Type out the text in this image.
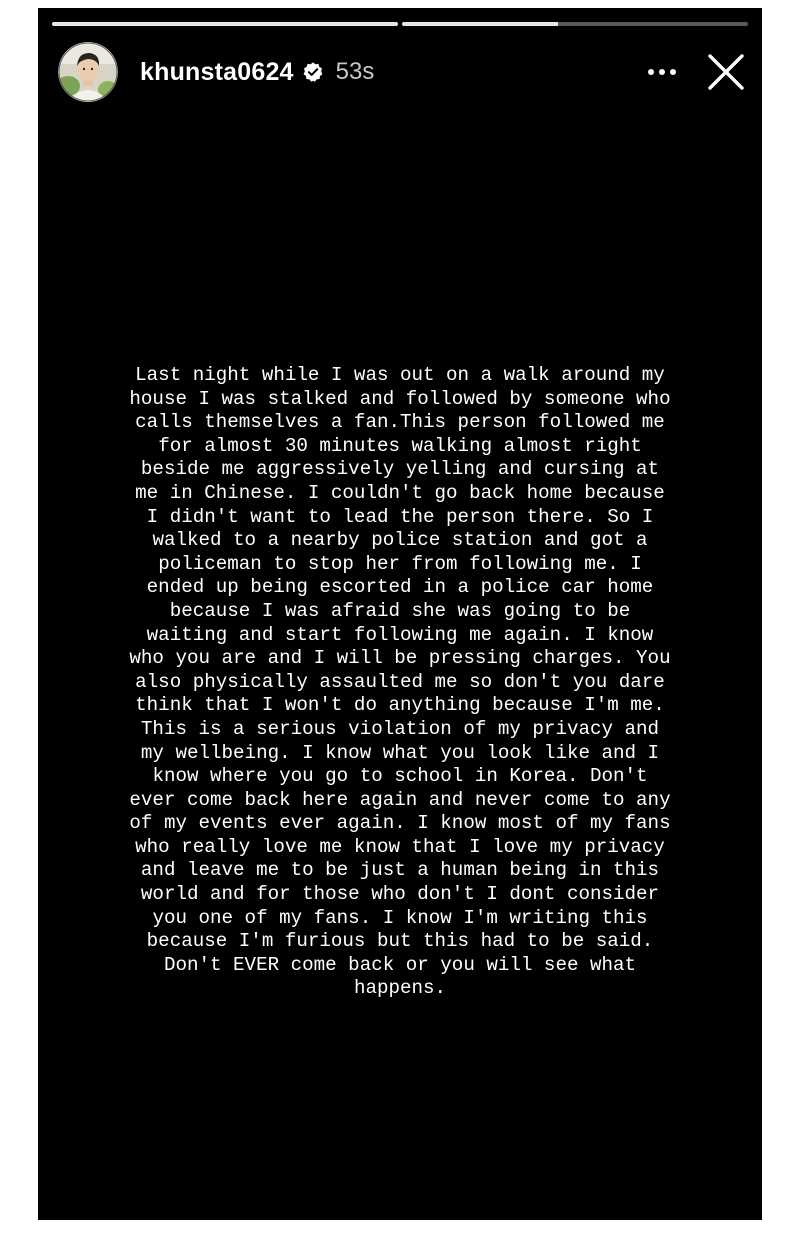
khunsta0624 53s
Last night while I was out on a walk around my
house I was stalked and followed by someone who
calls themselves a fan.This person followed me
for almost 30 minutes walking almost right
beside me aggressively yelling and cursing at
me in Chinese. I couldn't go back home because
I didn't want to lead the person there. So I
walked to a nearby police station and got a
policeman to stop her from following me. I
ended up being escorted in a police car home
because I was afraid she was going to be
waiting and start following me again. I know
who you are and I will be pressing charges. You
also physically assaulted me so don't you dare
think that I won't do anything because I'm me.
This is a serious violation of my privacy and
my wellbeing. I know what you look like and I
know where you go to school in Korea. Don't
ever come back here again and never come to any
of my events ever again. I know most of my fans
who really love me know that I love my privacy
and leave me to be just a human being in this
world and for those who don't I dont consider
you one of my fans. I know I'm writing this
because I'm furious but this had to be said.
Don't EVER come back or you will see what
happens.
